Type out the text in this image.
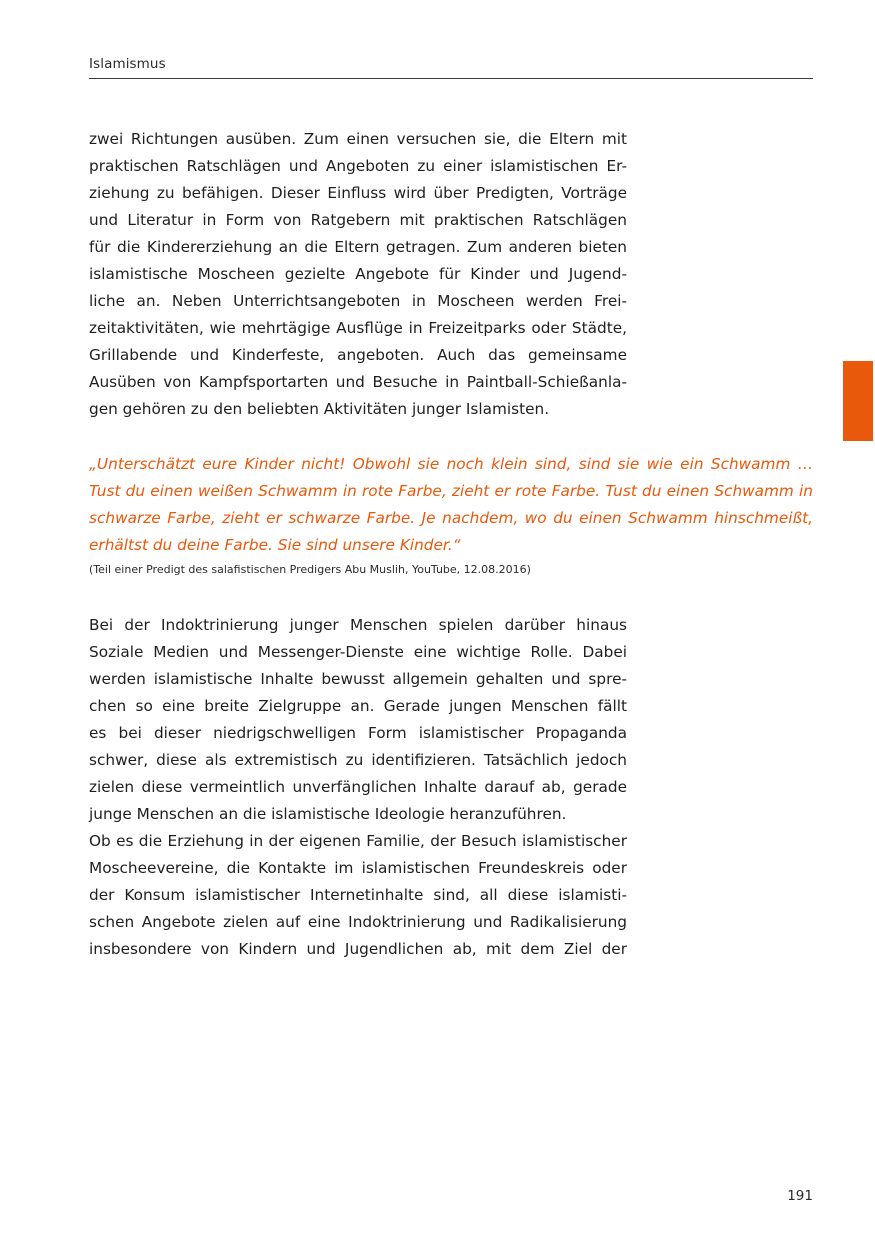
Islamismus
zwei Richtungen ausüben. Zum einen versuchen sie, die Eltern mit
praktischen Ratschlägen und Angeboten zu einer islamistischen Er-
ziehung zu befähigen. Dieser Einfluss wird über Predigten, Vorträge
und Literatur in Form von Ratgebern mit praktischen Ratschlägen
für die Kindererziehung an die Eltern getragen. Zum anderen bieten
islamistische Moscheen gezielte Angebote für Kinder und Jugend-
liche an. Neben Unterrichtsangeboten in Moscheen werden Frei-
zeitaktivitäten, wie mehrtägige Ausflüge in Freizeitparks oder Städte,
Grillabende und Kinderfeste, angeboten. Auch das gemeinsame
Ausüben von Kampfsportarten und Besuche in Paintball-Schießanla-
gen gehören zu den beliebten Aktivitäten junger Islamisten.
„Unterschätzt eure Kinder nicht! Obwohl sie noch klein sind, sind sie wie ein Schwamm …
Tust du einen weißen Schwamm in rote Farbe, zieht er rote Farbe. Tust du einen Schwamm in
schwarze Farbe, zieht er schwarze Farbe. Je nachdem, wo du einen Schwamm hinschmeißt,
erhältst du deine Farbe. Sie sind unsere Kinder.“
(Teil einer Predigt des salafistischen Predigers Abu Muslih, YouTube, 12.08.2016)
Bei der Indoktrinierung junger Menschen spielen darüber hinaus
Soziale Medien und Messenger-Dienste eine wichtige Rolle. Dabei
werden islamistische Inhalte bewusst allgemein gehalten und spre-
chen so eine breite Zielgruppe an. Gerade jungen Menschen fällt
es bei dieser niedrigschwelligen Form islamistischer Propaganda
schwer, diese als extremistisch zu identifizieren. Tatsächlich jedoch
zielen diese vermeintlich unverfänglichen Inhalte darauf ab, gerade
junge Menschen an die islamistische Ideologie heranzuführen.
Ob es die Erziehung in der eigenen Familie, der Besuch islamistischer
Moscheevereine, die Kontakte im islamistischen Freundeskreis oder
der Konsum islamistischer Internetinhalte sind, all diese islamisti-
schen Angebote zielen auf eine Indoktrinierung und Radikalisierung
insbesondere von Kindern und Jugendlichen ab, mit dem Ziel der
191
